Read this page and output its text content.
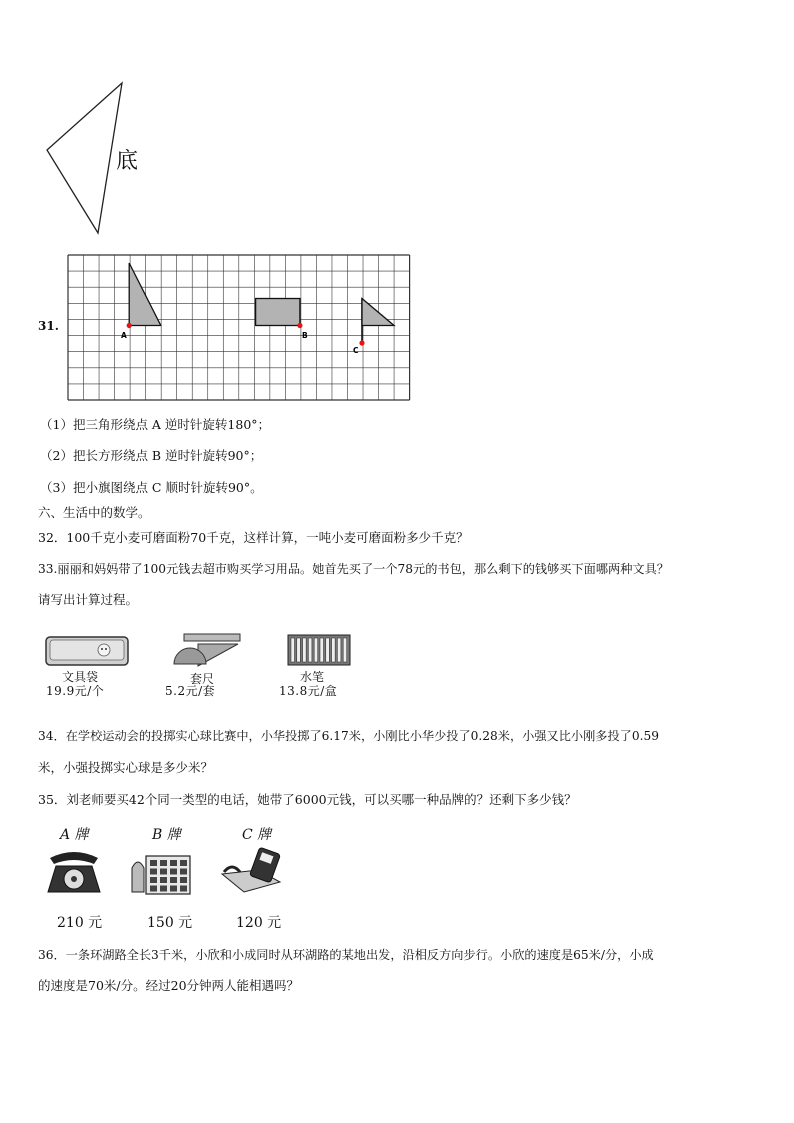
底
31.
A	B
C
（1）把三角形绕点 A 逆时针旋转180°；
（2）把长方形绕点 B 逆时针旋转90°；
（3）把小旗图绕点 C 顺时针旋转90°。
六、生活中的数学。
32．100千克小麦可磨面粉70千克，这样计算，一吨小麦可磨面粉多少千克？
33.丽丽和妈妈带了100元钱去超市购买学习用品。她首先买了一个78元的书包，那么剩下的钱够买下面哪两种文具？
请写出计算过程。
文具袋
19.9元/个
套尺
5.2元/套
水笔
13.8元/盒
34．在学校运动会的投掷实心球比赛中，小华投掷了6.17米，小刚比小华少投了0.28米，小强又比小刚多投了0.59
米，小强投掷实心球是多少米？
35．刘老师要买42个同一类型的电话，她带了6000元钱，可以买哪一种品牌的？还剩下多少钱？
A 牌	B 牌	C 牌
210 元	150 元	120 元
36．一条环湖路全长3千米，小欣和小成同时从环湖路的某地出发，沿相反方向步行。小欣的速度是65米/分，小成
的速度是70米/分。经过20分钟两人能相遇吗？
